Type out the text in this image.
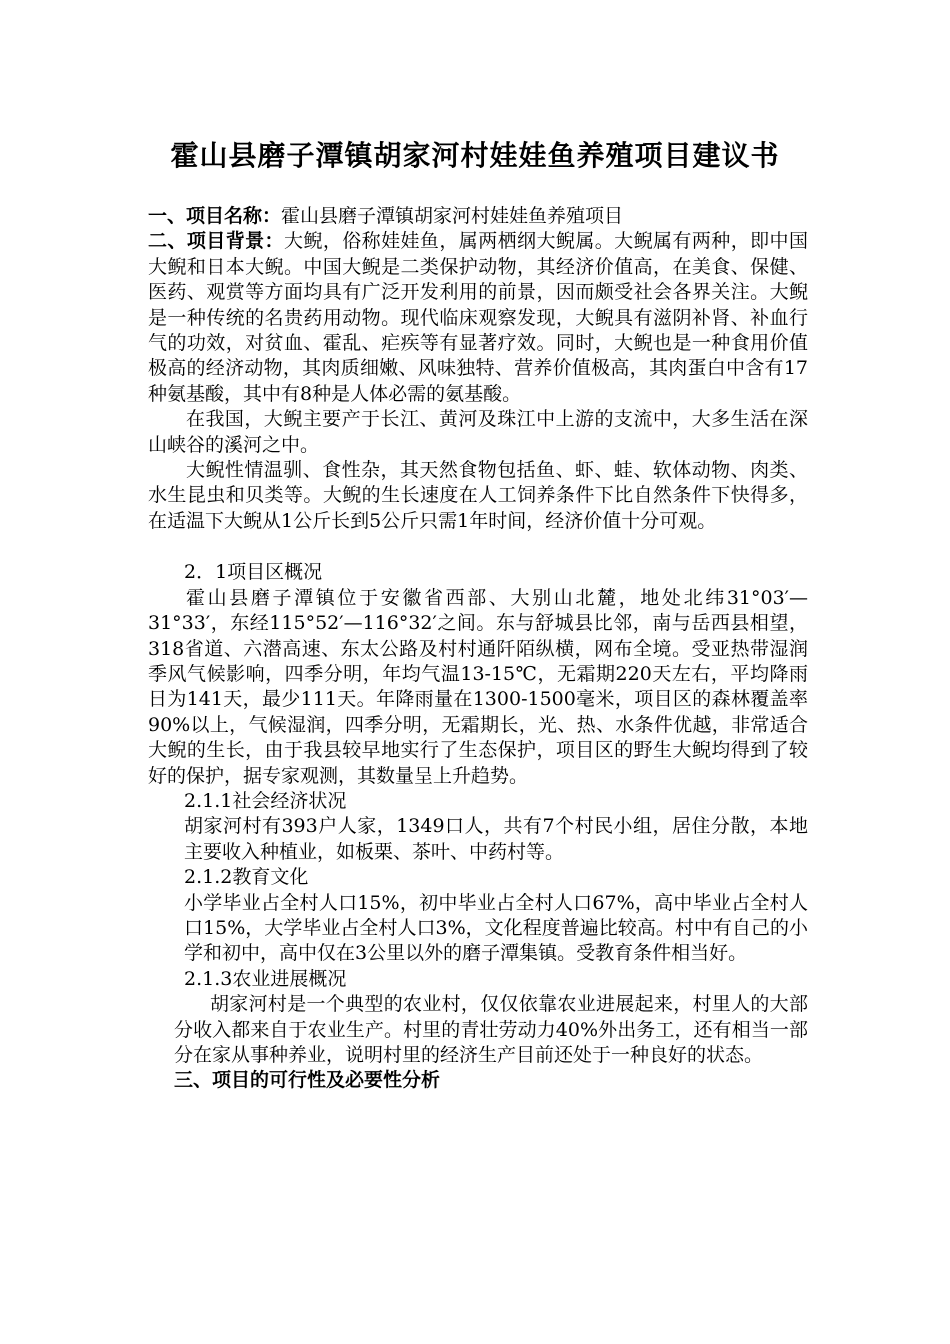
霍山县磨子潭镇胡家河村娃娃鱼养殖项目建议书

一、项目名称：霍山县磨子潭镇胡家河村娃娃鱼养殖项目

二、项目背景：大鲵，俗称娃娃鱼，属两栖纲大鲵属。大鲵属有两种，即中国大鲵和日本大鲵。中国大鲵是二类保护动物，其经济价值高，在美食、保健、医药、观赏等方面均具有广泛开发利用的前景，因而颇受社会各界关注。大鲵是一种传统的名贵药用动物。现代临床观察发现，大鲵具有滋阴补肾、补血行气的功效，对贫血、霍乱、疟疾等有显著疗效。同时，大鲵也是一种食用价值极高的经济动物，其肉质细嫩、风味独特、营养价值极高，其肉蛋白中含有17种氨基酸，其中有8种是人体必需的氨基酸。

在我国，大鲵主要产于长江、黄河及珠江中上游的支流中，大多生活在深山峡谷的溪河之中。

大鲵性情温驯、食性杂，其天然食物包括鱼、虾、蛙、软体动物、肉类、水生昆虫和贝类等。大鲵的生长速度在人工饲养条件下比自然条件下快得多，在适温下大鲵从1公斤长到5公斤只需1年时间，经济价值十分可观。

2．1项目区概况

霍山县磨子潭镇位于安徽省西部、大别山北麓，地处北纬31°03′—31°33′，东经115°52′—116°32′之间。东与舒城县比邻，南与岳西县相望，318省道、六潜高速、东太公路及村村通阡陌纵横，网布全境。受亚热带湿润季风气候影响，四季分明，年均气温13-15℃，无霜期220天左右，平均降雨日为141天，最少111天。年降雨量在1300-1500毫米，项目区的森林覆盖率90%以上，气候湿润，四季分明，无霜期长，光、热、水条件优越，非常适合大鲵的生长，由于我县较早地实行了生态保护，项目区的野生大鲵均得到了较好的保护，据专家观测，其数量呈上升趋势。

2.1.1社会经济状况

胡家河村有393户人家，1349口人，共有7个村民小组，居住分散，本地主要收入种植业，如板栗、茶叶、中药村等。

2.1.2教育文化

小学毕业占全村人口15%，初中毕业占全村人口67%，高中毕业占全村人口15%，大学毕业占全村人口3%，文化程度普遍比较高。村中有自己的小学和初中，高中仅在3公里以外的磨子潭集镇。受教育条件相当好。

2.1.3农业进展概况

胡家河村是一个典型的农业村，仅仅依靠农业进展起来，村里人的大部分收入都来自于农业生产。村里的青壮劳动力40%外出务工，还有相当一部分在家从事种养业，说明村里的经济生产目前还处于一种良好的状态。

三、项目的可行性及必要性分析
